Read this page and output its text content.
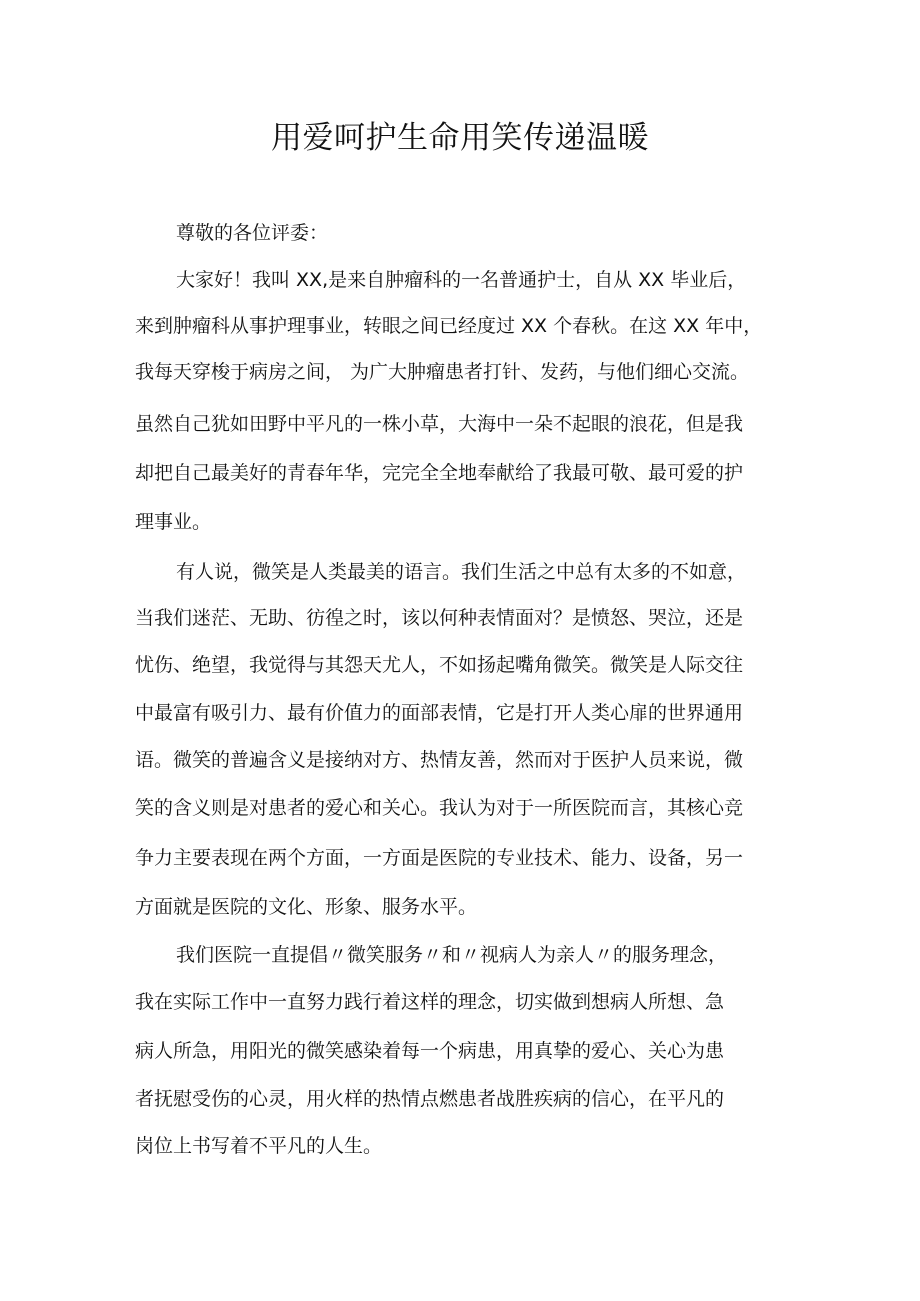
用爱呵护生命用笑传递温暖

尊敬的各位评委：

大家好！我叫 XX,是来自肿瘤科的一名普通护士，自从 XX 毕业后，

来到肿瘤科从事护理事业，转眼之间已经度过 XX 个春秋。在这 XX 年中，

我每天穿梭于病房之间， 为广大肿瘤患者打针、发药，与他们细心交流。

虽然自己犹如田野中平凡的一株小草，大海中一朵不起眼的浪花，但是我

却把自己最美好的青春年华，完完全全地奉献给了我最可敬、最可爱的护

理事业。

有人说，微笑是人类最美的语言。我们生活之中总有太多的不如意，

当我们迷茫、无助、彷徨之时，该以何种表情面对？是愤怒、哭泣，还是

忧伤、绝望，我觉得与其怨天尤人，不如扬起嘴角微笑。微笑是人际交往

中最富有吸引力、最有价值力的面部表情，它是打开人类心扉的世界通用

语。微笑的普遍含义是接纳对方、热情友善，然而对于医护人员来说，微

笑的含义则是对患者的爱心和关心。我认为对于一所医院而言，其核心竞

争力主要表现在两个方面，一方面是医院的专业技术、能力、设备，另一

方面就是医院的文化、形象、服务水平。

我们医院一直提倡〃微笑服务〃和〃视病人为亲人〃的服务理念，

我在实际工作中一直努力践行着这样的理念，切实做到想病人所想、急

病人所急，用阳光的微笑感染着每一个病患，用真挚的爱心、关心为患

者抚慰受伤的心灵，用火样的热情点燃患者战胜疾病的信心，在平凡的

岗位上书写着不平凡的人生。
